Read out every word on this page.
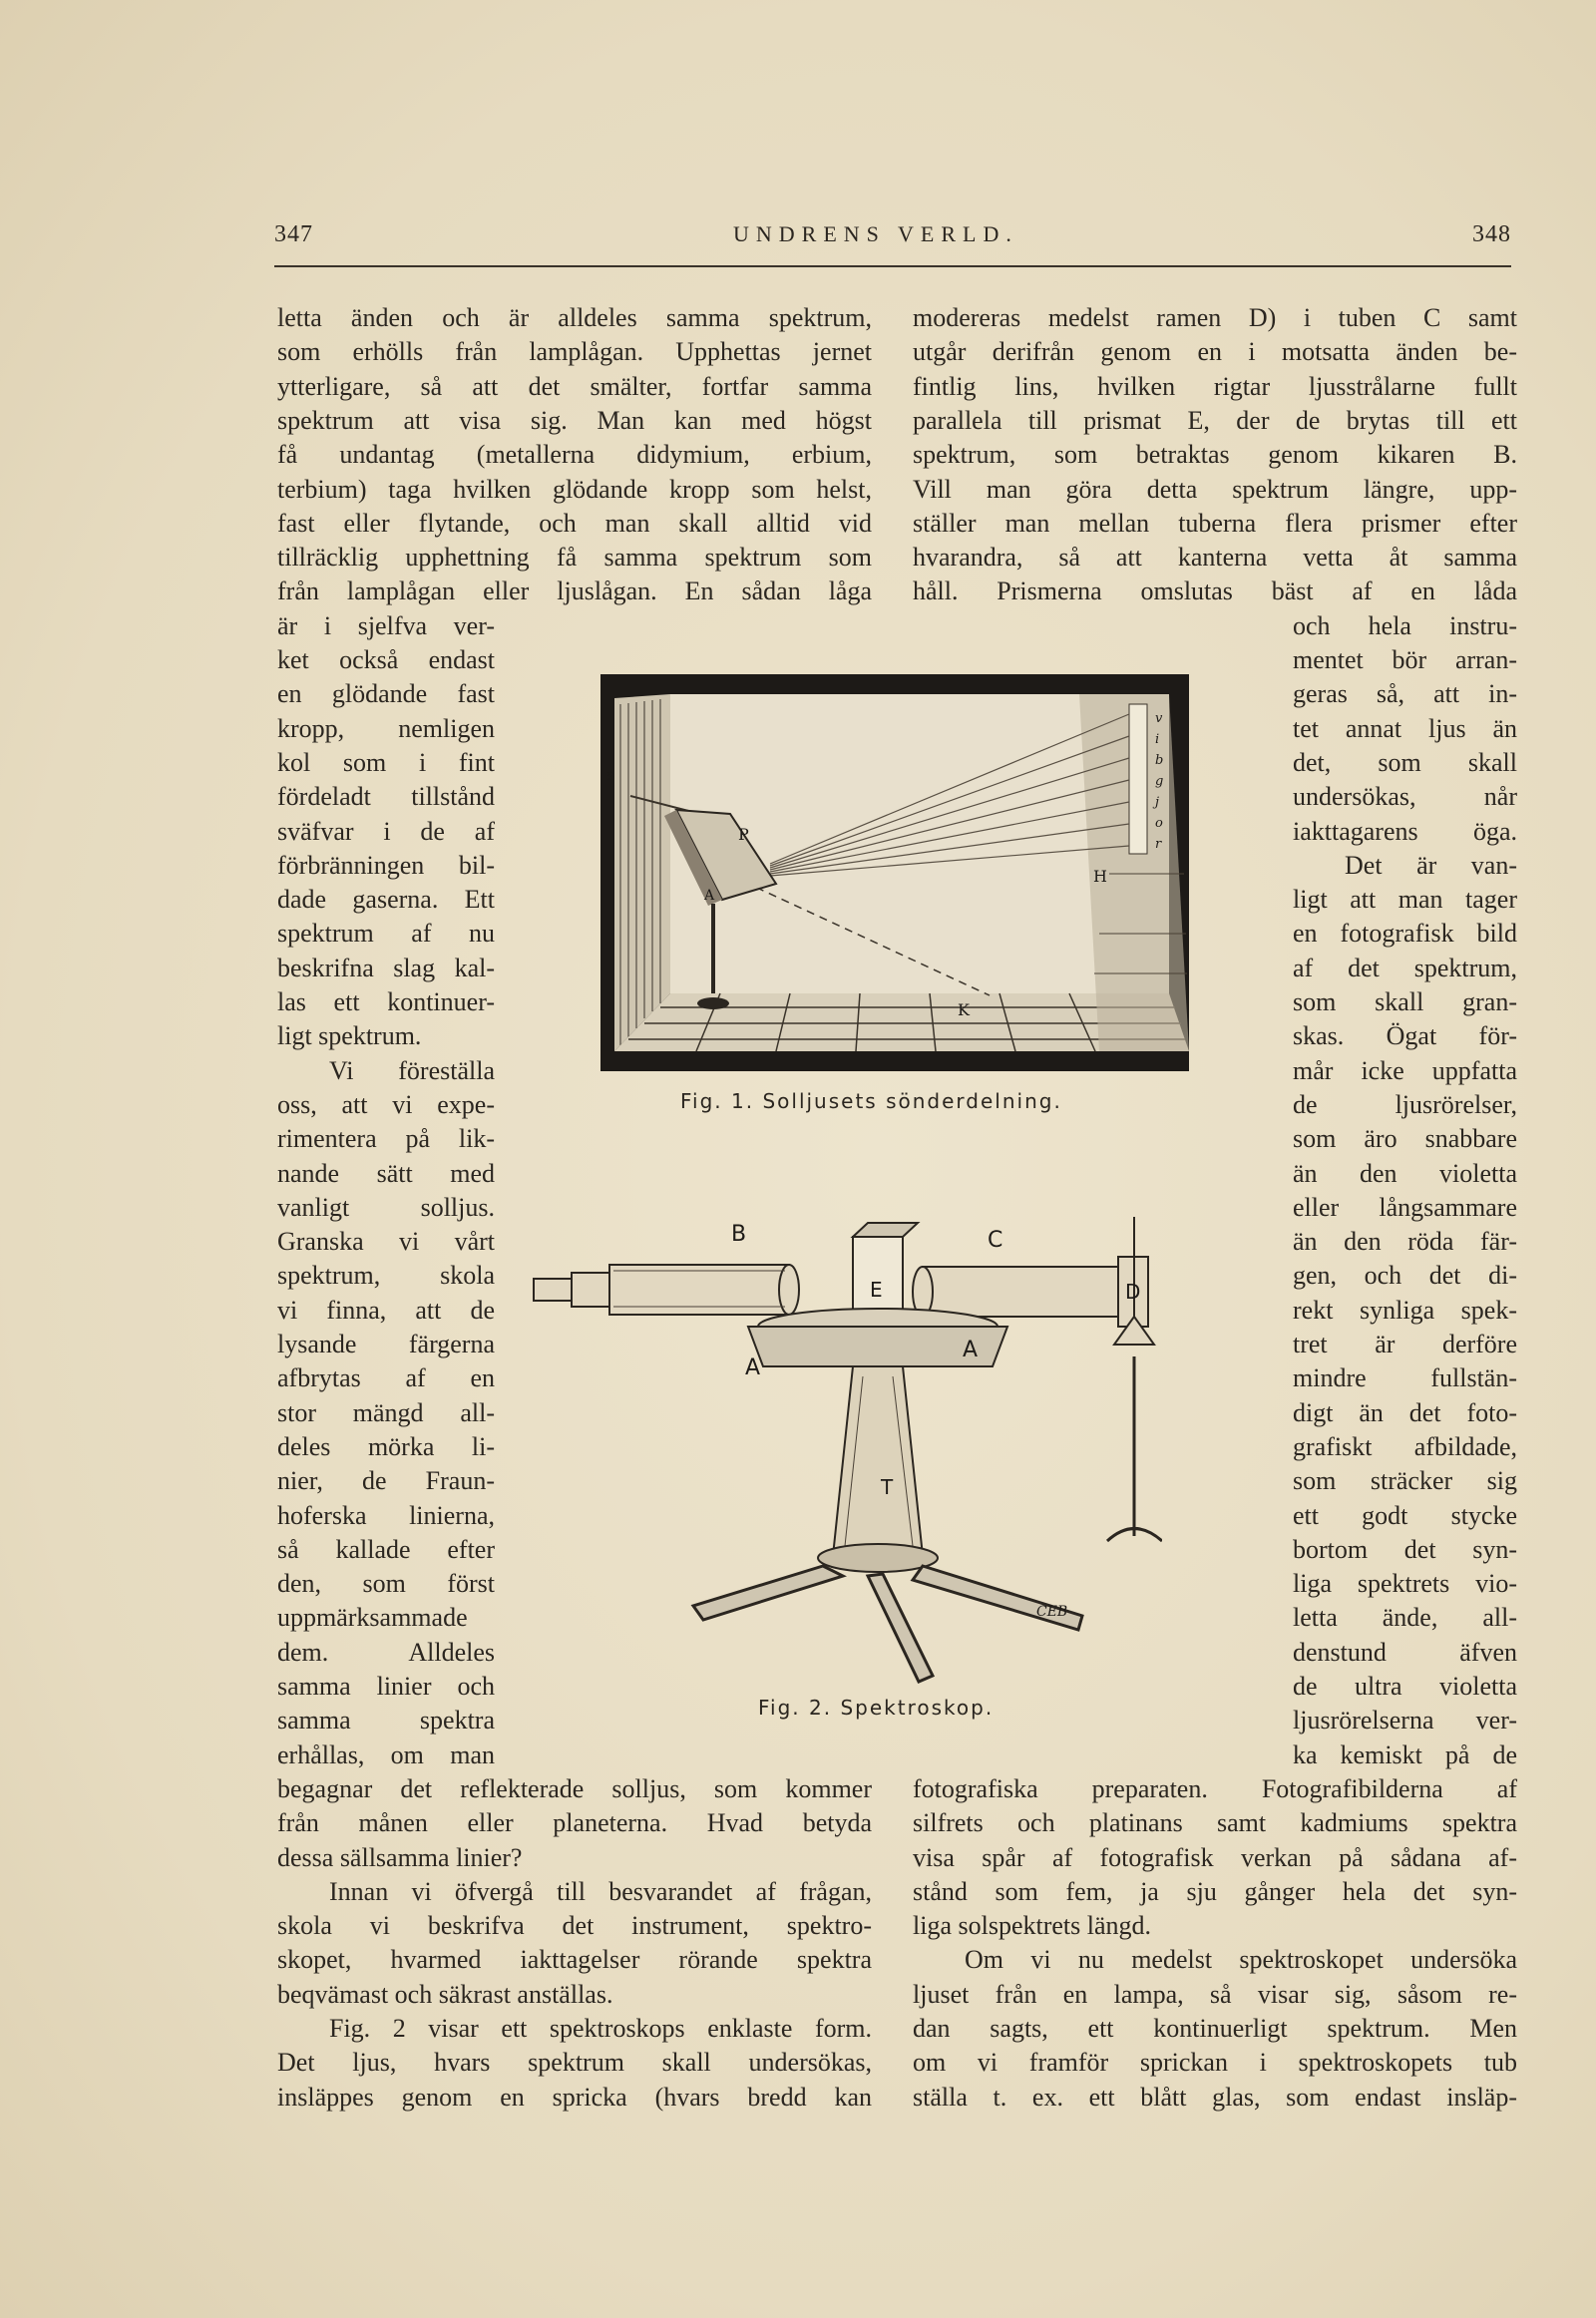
347	UNDRENS VERLD.	348
letta änden och är alldeles samma spektrum,
som erhölls från lamplågan. Upphettas jernet
ytterligare, så att det smälter, fortfar samma
spektrum att visa sig. Man kan med högst
få undantag (metallerna didymium, erbium,
terbium) taga hvilken glödande kropp som helst,
fast eller flytande, och man skall alltid vid
tillräcklig upphettning få samma spektrum som
från lamplågan eller ljuslågan. En sådan låga
är i sjelfva ver-
ket också endast
en glödande fast
kropp, nemligen
kol som i fint
fördeladt tillstånd
sväfvar i de af
förbränningen bil-
dade gaserna. Ett
spektrum af nu
beskrifna slag kal-
las ett kontinuer-
ligt spektrum.
Vi föreställa
oss, att vi expe-
rimentera på lik-
nande sätt med
vanligt solljus.
Granska vi vårt
spektrum, skola
vi finna, att de
lysande färgerna
afbrytas af en
stor mängd all-
deles mörka li-
nier, de Fraun-
hoferska linierna,
så kallade efter
den, som först
uppmärksammade
dem. Alldeles
samma linier och
samma spektra
erhållas, om man
begagnar det reflekterade solljus, som kommer
från månen eller planeterna. Hvad betyda
dessa sällsamma linier?
Innan vi öfvergå till besvarandet af frågan,
skola vi beskrifva det instrument, spektro-
skopet, hvarmed iakttagelser rörande spektra
beqvämast och säkrast anställas.
Fig. 2 visar ett spektroskops enklaste form.
Det ljus, hvars spektrum skall undersökas,
insläppes genom en spricka (hvars bredd kan
modereras medelst ramen D) i tuben C samt
utgår derifrån genom en i motsatta änden be-
fintlig lins, hvilken rigtar ljusstrålarne fullt
parallela till prismat E, der de brytas till ett
spektrum, som betraktas genom kikaren B.
Vill man göra detta spektrum längre, upp-
ställer man mellan tuberna flera prismer efter
hvarandra, så att kanterna vetta åt samma
håll. Prismerna omslutas bäst af en låda
och hela instru-
mentet bör arran-
geras så, att in-
tet annat ljus än
det, som skall
undersökas, når
iakttagarens öga.
Det är van-
ligt att man tager
en fotografisk bild
af det spektrum,
som skall gran-
skas. Ögat för-
mår icke uppfatta
de ljusrörelser,
som äro snabbare
än den violetta
eller långsammare
än den röda fär-
gen, och det di-
rekt synliga spek-
tret är derföre
mindre fullstän-
digt än det foto-
grafiskt afbildade,
som sträcker sig
ett godt stycke
bortom det syn-
liga spektrets vio-
letta ände, all-
denstund äfven
de ultra violetta
ljusrörelserna ver-
ka kemiskt på de
fotografiska preparaten. Fotografibilderna af
silfrets och platinans samt kadmiums spektra
visa spår af fotografisk verkan på sådana af-
stånd som fem, ja sju gånger hela det syn-
liga solspektrets längd.
Om vi nu medelst spektroskopet undersöka
ljuset från en lampa, så visar sig, såsom re-
dan sagts, ett kontinuerligt spektrum. Men
om vi framför sprickan i spektroskopets tub
ställa t. ex. ett blått glas, som endast insläp-
s
P
A
H
K
v
i
b
g
j
o
r
Fig. 1. Solljusets sönderdelning.
B	C
D
E
A
A
T
CEB
Fig. 2. Spektroskop.
